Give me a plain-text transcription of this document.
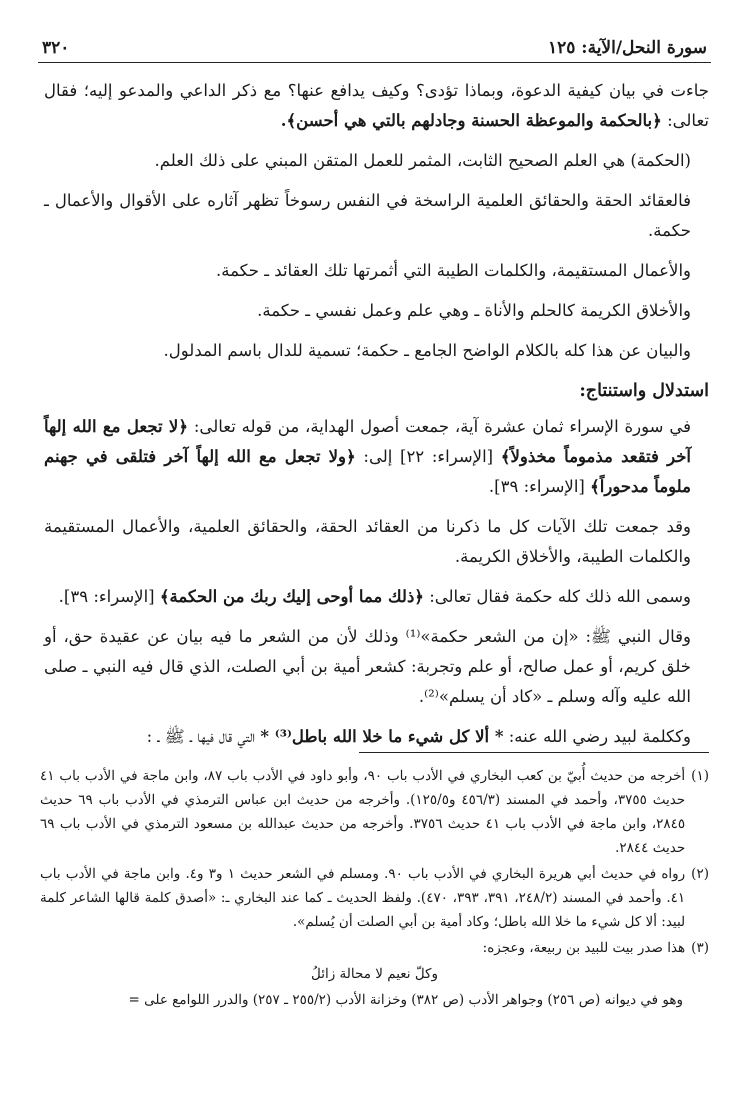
سورة النحل/الآية: ١٢٥
٣٢٠

جاءت في بيان كيفية الدعوة، وبماذا تؤدى؟ وكيف يدافع عنها؟ مع ذكر الداعي والمدعو إليه؛ فقال تعالى: ﴿بالحكمة والموعظة الحسنة وجادلهم بالتي هي أحسن﴾.

(الحكمة) هي العلم الصحيح الثابت، المثمر للعمل المتقن المبني على ذلك العلم.

فالعقائد الحقة والحقائق العلمية الراسخة في النفس رسوخاً تظهر آثاره على الأقوال والأعمال ـ حكمة.

والأعمال المستقيمة، والكلمات الطيبة التي أثمرتها تلك العقائد ـ حكمة.

والأخلاق الكريمة كالحلم والأناة ـ وهي علم وعمل نفسي ـ حكمة.

والبيان عن هذا كله بالكلام الواضح الجامع ـ حكمة؛ تسمية للدال باسم المدلول.

استدلال واستنتاج:

في سورة الإسراء ثمان عشرة آية، جمعت أصول الهداية، من قوله تعالى: ﴿لا تجعل مع الله إلهاً آخر فتقعد مذموماً مخذولاً﴾ [الإسراء: ٢٢] إلى: ﴿ولا تجعل مع الله إلهاً آخر فتلقى في جهنم ملوماً مدحوراً﴾ [الإسراء: ٣٩].

وقد جمعت تلك الآيات كل ما ذكرنا من العقائد الحقة، والحقائق العلمية، والأعمال المستقيمة والكلمات الطيبة، والأخلاق الكريمة.

وسمى الله ذلك كله حكمة فقال تعالى: ﴿ذلك مما أوحى إليك ربك من الحكمة﴾ [الإسراء: ٣٩].

وقال النبي ﷺ: «إن من الشعر حكمة»⁽¹⁾ وذلك لأن من الشعر ما فيه بيان عن عقيدة حق، أو خلق كريم، أو عمل صالح، أو علم وتجربة: كشعر أمية بن أبي الصلت، الذي قال فيه النبي ـ صلى الله عليه وآله وسلم ـ «كاد أن يسلم»⁽²⁾.

وككلمة لبيد رضي الله عنه: * ألا كل شيء ما خلا الله باطل⁽³⁾ * التي قال فيها ـ ﷺ ـ :

(١)
أخرجه من حديث أُبيّ بن كعب البخاري في الأدب باب ٩٠، وأبو داود في الأدب باب ٨٧، وابن ماجة في الأدب باب ٤١ حديث ٣٧٥٥، وأحمد في المسند (٤٥٦/٣ و١٢٥/٥). وأخرجه من حديث ابن عباس الترمذي في الأدب باب ٦٩ حديث ٢٨٤٥، وابن ماجة في الأدب باب ٤١ حديث ٣٧٥٦. وأخرجه من حديث عبدالله بن مسعود الترمذي في الأدب باب ٦٩ حديث ٢٨٤٤.
(٢)
رواه في حديث أبي هريرة البخاري في الأدب باب ٩٠. ومسلم في الشعر حديث ١ و٣ و٤. وابن ماجة في الأدب باب ٤١. وأحمد في المسند (٢٤٨/٢، ٣٩١، ٣٩٣، ٤٧٠). ولفظ الحديث ـ كما عند البخاري ـ: «أصدق كلمة قالها الشاعر كلمة لبيد: ألا كل شيء ما خلا الله باطل؛ وكاد أمية بن أبي الصلت أن يُسلم».
(٣)
هذا صدر بيت للبيد بن ربيعة، وعجزه:
وكلّ نعيم لا محالة زائلُ
وهو في ديوانه (ص ٢٥٦) وجواهر الأدب (ص ٣٨٢) وخزانة الأدب (٢٥٥/٢ ـ ٢٥٧) والدرر اللوامع على =
